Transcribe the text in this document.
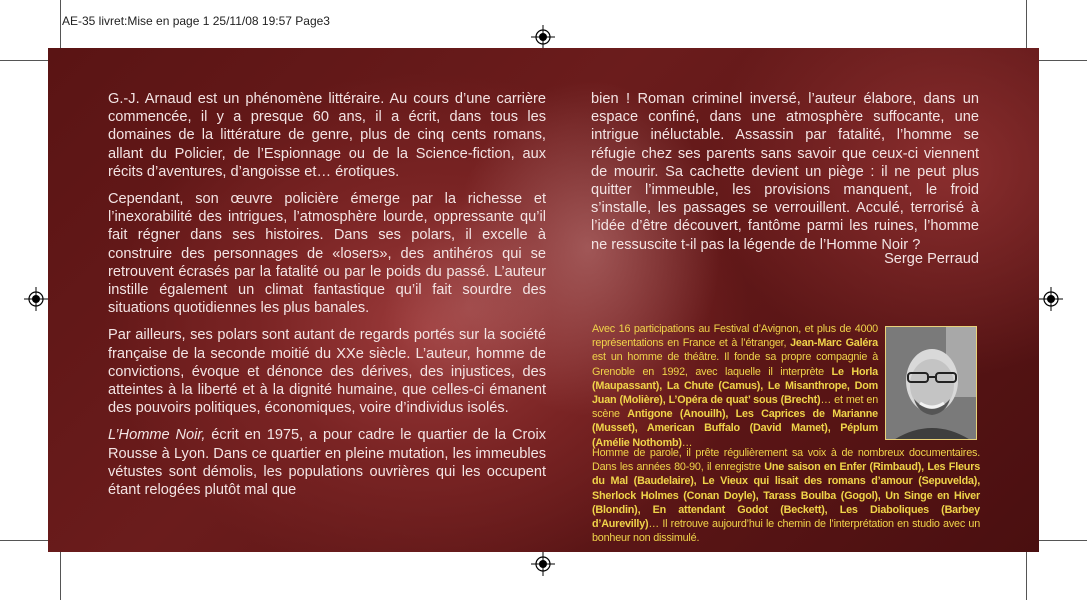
AE-35 livret:Mise en page 1 25/11/08 19:57 Page3

G.-J. Arnaud est un phénomène littéraire. Au cours d’une carrière commencée, il y a presque 60 ans, il a écrit, dans tous les domaines de la littérature de genre, plus de cinq cents romans, allant du Policier, de l’Espionnage ou de la Science-fiction, aux récits d’aventures, d’angoisse et… érotiques.

Cependant, son œuvre policière émerge par la richesse et l’inexorabilité des intrigues, l’atmosphère lourde, oppressante qu’il fait régner dans ses histoires. Dans ses polars, il excelle à construire des personnages de «losers», des antihéros qui se retrouvent écrasés par la fatalité ou par le poids du passé. L’auteur instille également un climat fantastique qu’il fait sourdre des situations quotidiennes les plus banales.

Par ailleurs, ses polars sont autant de regards portés sur la société française de la seconde moitié du XXe siècle. L’auteur, homme de convictions, évoque et dénonce des dérives, des injustices, des atteintes à la liberté et à la dignité humaine, que celles-ci émanent des pouvoirs politiques, économiques, voire d’individus isolés.

L’Homme Noir, écrit en 1975, a pour cadre le quartier de la Croix Rousse à Lyon. Dans ce quartier en pleine mutation, les immeubles vétustes sont démolis, les populations ouvrières qui les occupent étant relogées plutôt mal que

bien ! Roman criminel inversé, l’auteur élabore, dans un espace confiné, dans une atmosphère suffocante, une intrigue inéluctable. Assassin par fatalité, l’homme se réfugie chez ses parents sans savoir que ceux-ci viennent de mourir. Sa cachette devient un piège : il ne peut plus quitter l’immeuble, les provisions manquent, le froid s’installe, les passages se verrouillent. Acculé, terrorisé à l’idée d’être découvert, fantôme parmi les ruines, l’homme ne ressuscite t-il pas la légende de l’Homme Noir ?

Serge Perraud
Avec 16 participations au Festival d’Avignon, et plus de 4000 représentations en France et à l’étranger, Jean-Marc Galéra est un homme de théâtre. Il fonde sa propre compagnie à Grenoble en 1992, avec laquelle il interprète Le Horla (Maupassant), La Chute (Camus), Le Misanthrope, Dom Juan (Molière), L’Opéra de quat’ sous (Brecht)… et met en scène Antigone (Anouilh), Les Caprices de Marianne (Musset), American Buffalo (David Mamet), Péplum (Amélie Nothomb)…
Homme de parole, il prête régulièrement sa voix à de nombreux documentaires. Dans les années 80-90, il enregistre Une saison en Enfer (Rimbaud), Les Fleurs du Mal (Baudelaire), Le Vieux qui lisait des romans d’amour (Sepuvelda), Sherlock Holmes (Conan Doyle), Tarass Boulba (Gogol), Un Singe en Hiver (Blondin), En attendant Godot (Beckett), Les Diaboliques (Barbey d’Aurevilly)… Il retrouve aujourd’hui le chemin de l’interprétation en studio avec un bonheur non dissimulé.
